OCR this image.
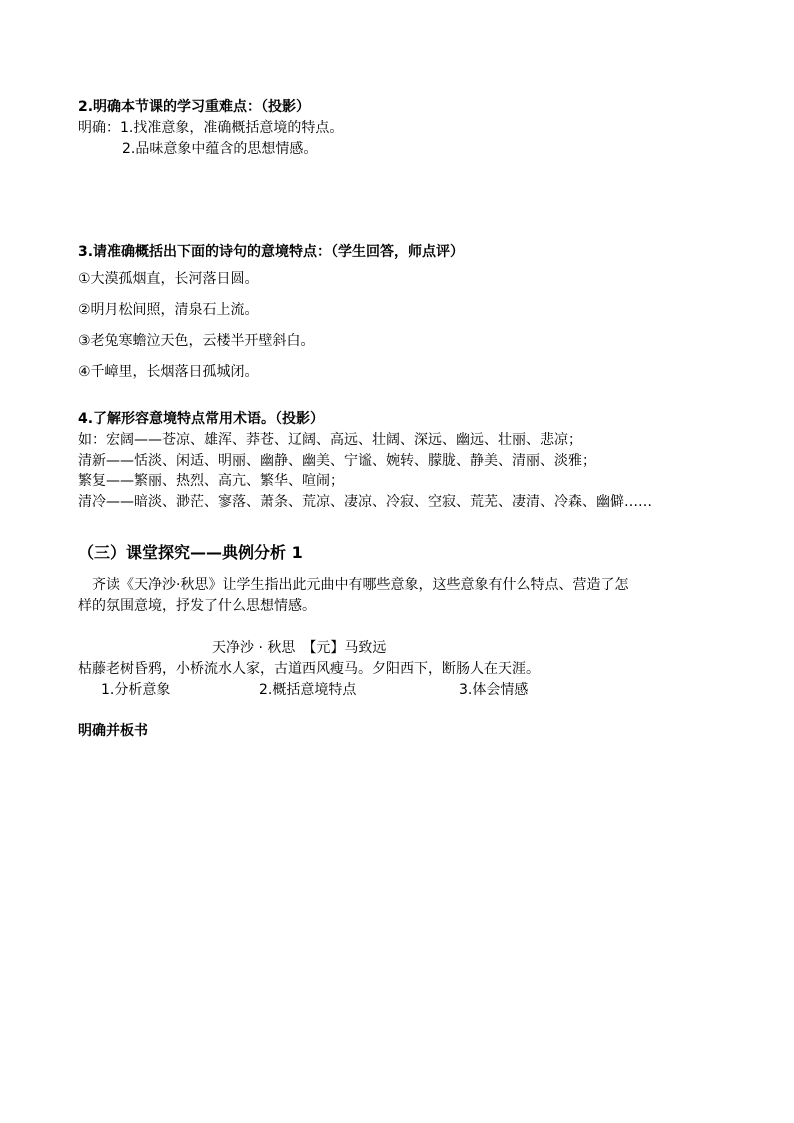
2.明确本节课的学习重难点：（投影）
明确：1.找准意象，准确概括意境的特点。
2.品味意象中蕴含的思想情感。
3.请准确概括出下面的诗句的意境特点：（学生回答，师点评）
①大漠孤烟直，长河落日圆。
②明月松间照，清泉石上流。
③老兔寒蟾泣天色，云楼半开壁斜白。
④千嶂里，长烟落日孤城闭。
4.了解形容意境特点常用术语。（投影）
如：宏阔——苍凉、雄浑、莽苍、辽阔、高远、壮阔、深远、幽远、壮丽、悲凉；
清新——恬淡、闲适、明丽、幽静、幽美、宁谧、婉转、朦胧、静美、清丽、淡雅；
繁复——繁丽、热烈、高亢、繁华、喧闹；
清冷——暗淡、渺茫、寥落、萧条、荒凉、凄凉、冷寂、空寂、荒芜、凄清、冷森、幽僻……
（三）课堂探究——典例分析 1
齐读《天净沙·秋思》让学生指出此元曲中有哪些意象，这些意象有什么特点、营造了怎
样的氛围意境，抒发了什么思想情感。
天净沙 · 秋思　【元】马致远
枯藤老树昏鸦，小桥流水人家，古道西风瘦马。夕阳西下，断肠人在天涯。
1.分析意象	2.概括意境特点	3.体会情感
明确并板书
